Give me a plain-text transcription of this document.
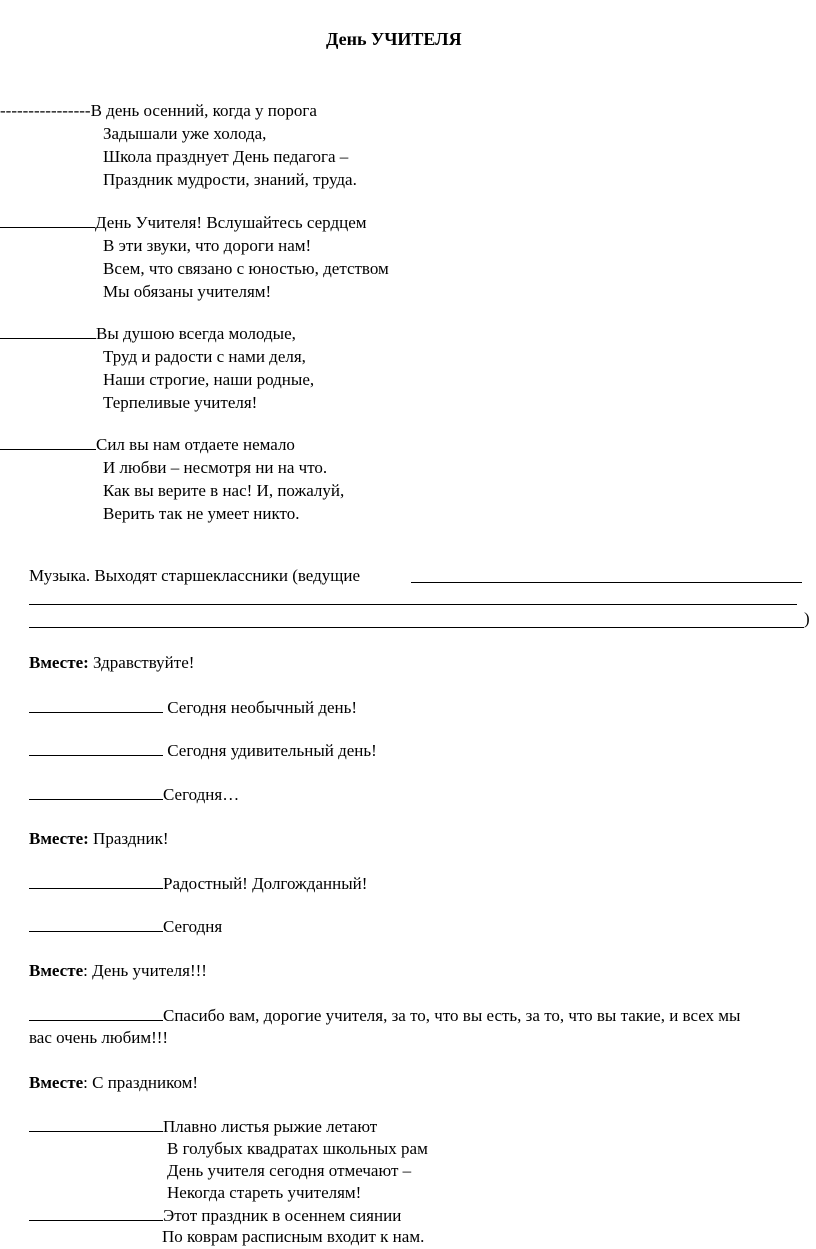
День УЧИТЕЛЯ
----------------В день осенний, когда у порога
Задышали уже холода,
Школа празднует День педагога –
Праздник мудрости, знаний, труда.
День Учителя! Вслушайтесь сердцем
В эти звуки, что дороги нам!
Всем, что связано с юностью, детством
Мы обязаны учителям!
Вы душою всегда молодые,
Труд и радости с нами деля,
Наши строгие, наши родные,
Терпеливые учителя!
Сил вы нам отдаете немало
И любви – несмотря ни на что.
Как вы верите в нас! И, пожалуй,
Верить так не умеет никто.
Музыка. Выходят старшеклассники (ведущие
)
Вместе: Здравствуйте!
Сегодня необычный день!
Сегодня удивительный день!
Сегодня…
Вместе: Праздник!
Радостный! Долгожданный!
Сегодня
Вместе: День учителя!!!
Спасибо вам, дорогие учителя, за то, что вы есть, за то, что вы такие, и всех мы
вас очень любим!!!
Вместе: С праздником!
Плавно листья рыжие летают
В голубых квадратах школьных рам
День учителя сегодня отмечают –
Некогда стареть учителям!
Этот праздник в осеннем сиянии
По коврам расписным входит к нам.
